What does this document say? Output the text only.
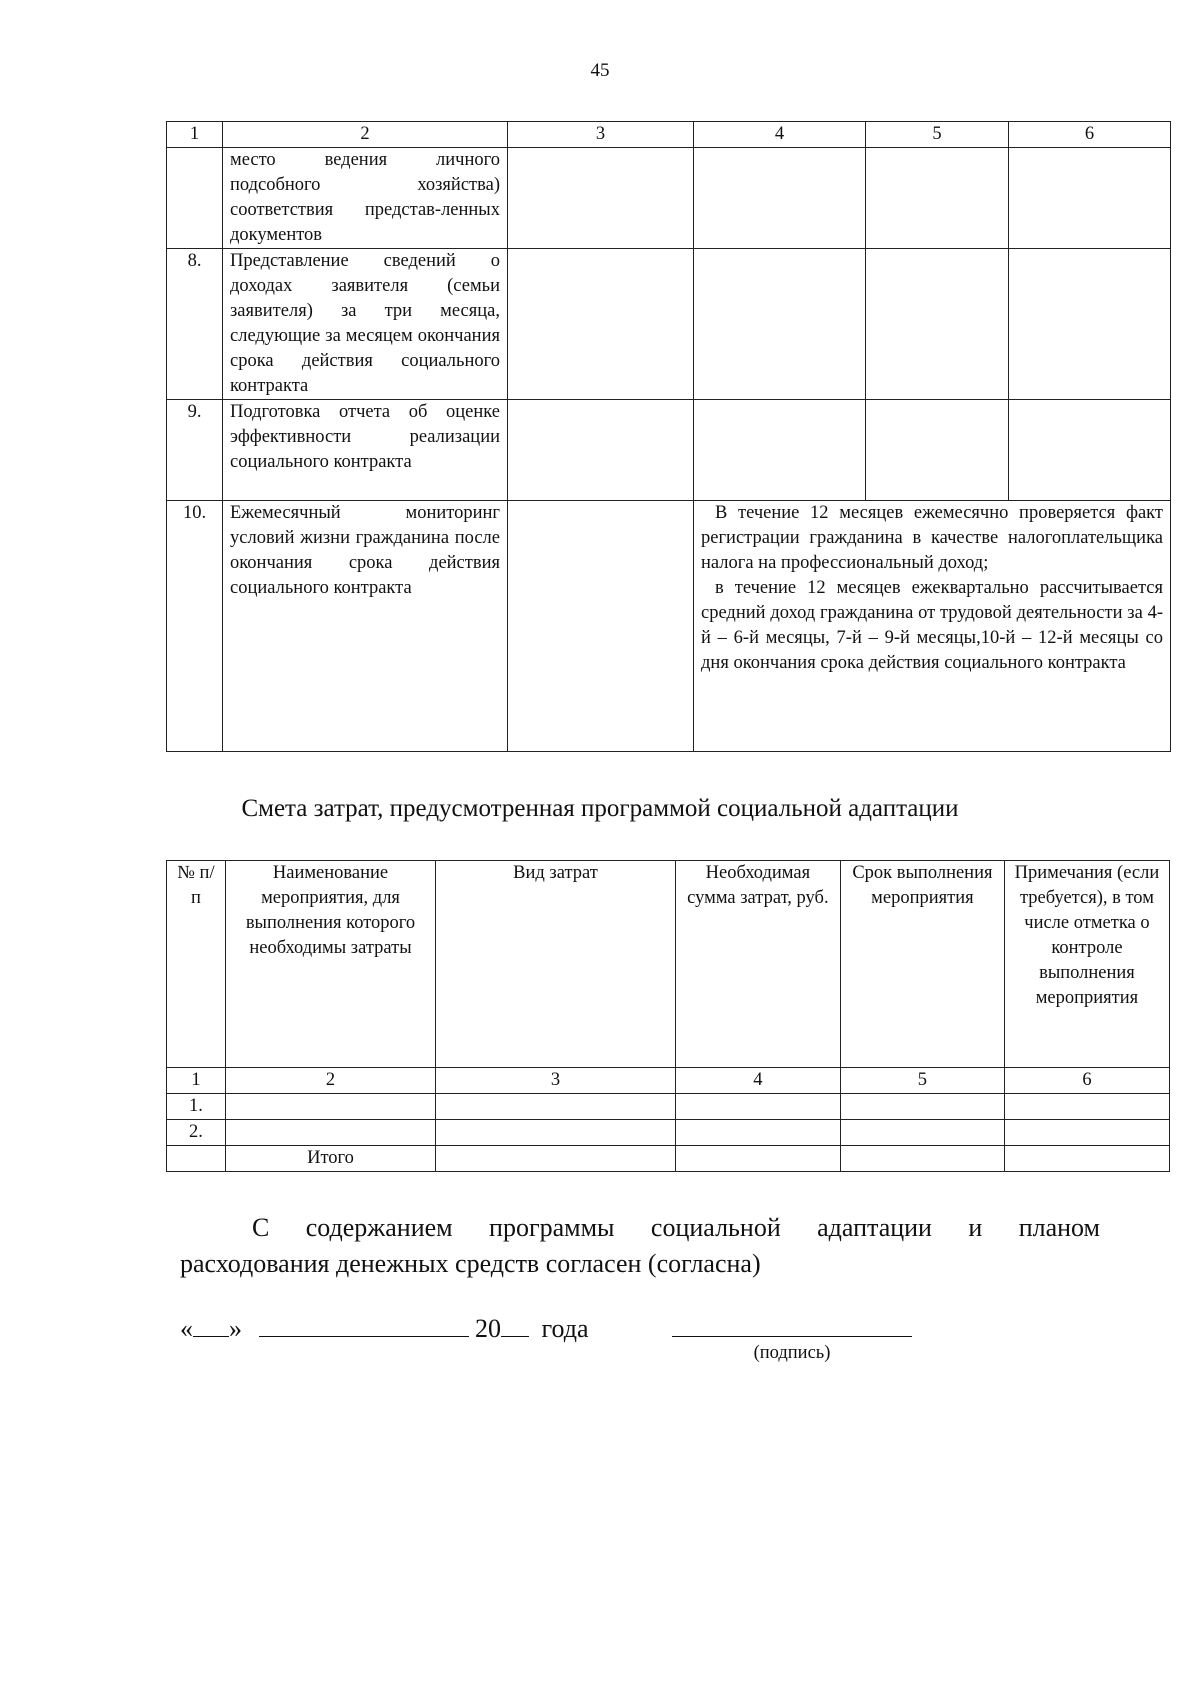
45
1	2	3	4	5	6
	место ведения личного подсобного хозяйства) соответствия представ-ленных документов				
8.	Представление сведений о доходах заявителя (семьи заявителя) за три месяца, следующие за месяцем окончания срока действия социального контракта				
9.	Подготовка отчета об оценке эффективности реализации социального контракта				
10.	Ежемесячный мониторинг условий жизни гражданина после окончания срока действия социального контракта		В течение 12 месяцев ежемесячно проверяется факт регистрации гражданина в качестве налогоплательщика налога на профессиональный доход;

в течение 12 месяцев ежеквартально рассчитывается средний доход гражданина от трудовой деятельности за 4-й – 6-й месяцы, 7-й – 9-й месяцы,10-й – 12-й месяцы со дня окончания срока действия социального контракта		

Смета затрат, предусмотренная программой социальной адаптации
№ п/п	Наименование мероприятия, для выполнения которого необходимы затраты	Вид затрат	Необходимая сумма затрат, руб.	Срок выполнения мероприятия	Примечания (если требуется), в том числе отметка о контроле выполнения мероприятия
1	2	3	4	5	6
1.					
2.					
	Итого				
С содержанием программы социальной адаптации и планом
расходования денежных средств согласен (согласна)
« »	20 года
(подпись)
